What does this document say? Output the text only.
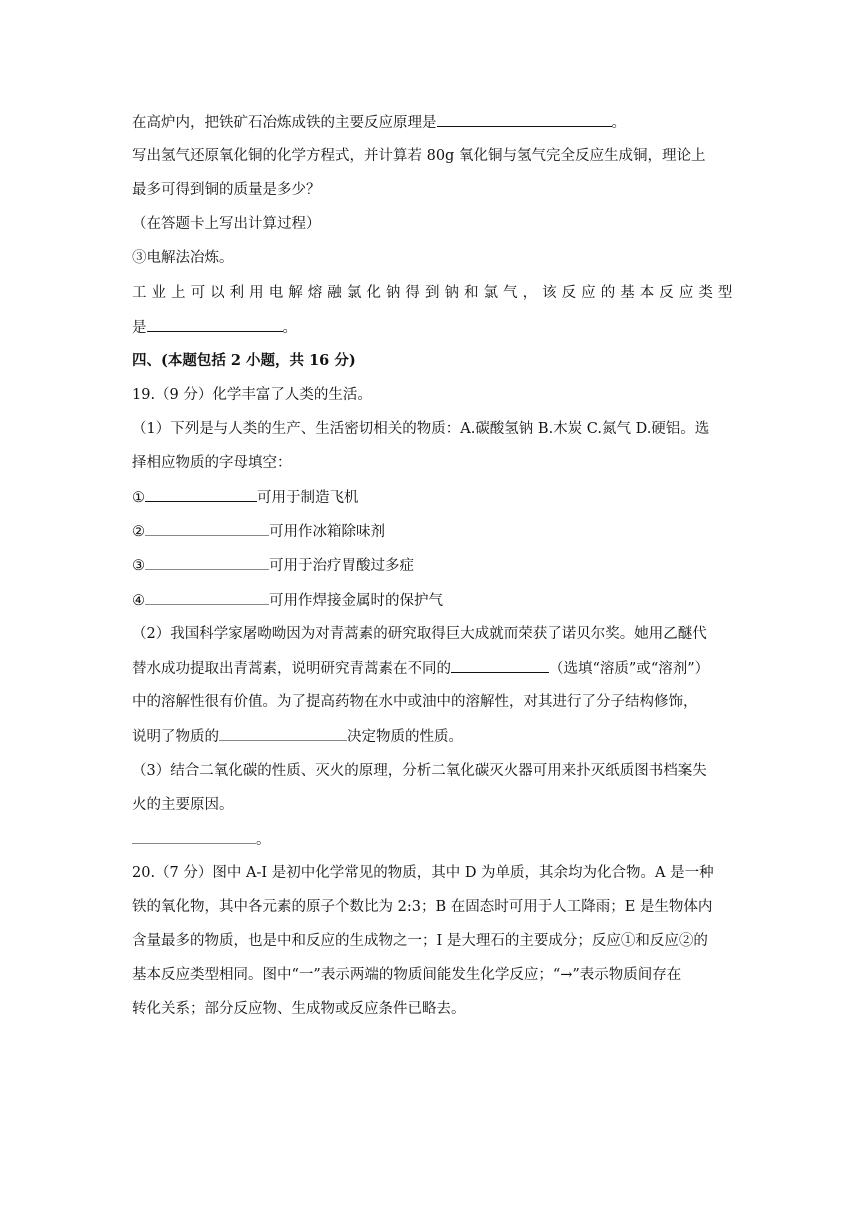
在高炉内，把铁矿石冶炼成铁的主要反应原理是	。
写出氢气还原氧化铜的化学方程式，并计算若 80g 氧化铜与氢气完全反应生成铜，理论上
最多可得到铜的质量是多少？
（在答题卡上写出计算过程）
③电解法冶炼。
工业上可以利用电解熔融氯化钠得到钠和氯气，该反应的基本反应类型
是	。
四、(本题包括 2 小题，共 16 分)
19.（9 分）化学丰富了人类的生活。
（1）下列是与人类的生产、生活密切相关的物质：A.碳酸氢钠 B.木炭 C.氮气 D.硬铝。选
择相应物质的字母填空：
①	可用于制造飞机
②	可用作冰箱除味剂
③	可用于治疗胃酸过多症
④	可用作焊接金属时的保护气
（2）我国科学家屠呦呦因为对青蒿素的研究取得巨大成就而荣获了诺贝尔奖。她用乙醚代
替水成功提取出青蒿素，说明研究青蒿素在不同的	（选填“溶质”或“溶剂”）
中的溶解性很有价值。为了提高药物在水中或油中的溶解性，对其进行了分子结构修饰，
说明了物质的	决定物质的性质。
（3）结合二氧化碳的性质、灭火的原理，分析二氧化碳灭火器可用来扑灭纸质图书档案失
火的主要原因。
。
20.（7 分）图中 A-I 是初中化学常见的物质，其中 D 为单质，其余均为化合物。A 是一种
铁的氧化物，其中各元素的原子个数比为 2:3；B 在固态时可用于人工降雨；E 是生物体内
含量最多的物质，也是中和反应的生成物之一；I 是大理石的主要成分；反应①和反应②的
基本反应类型相同。图中“一”表示两端的物质间能发生化学反应；“→”表示物质间存在
转化关系；部分反应物、生成物或反应条件已略去。
